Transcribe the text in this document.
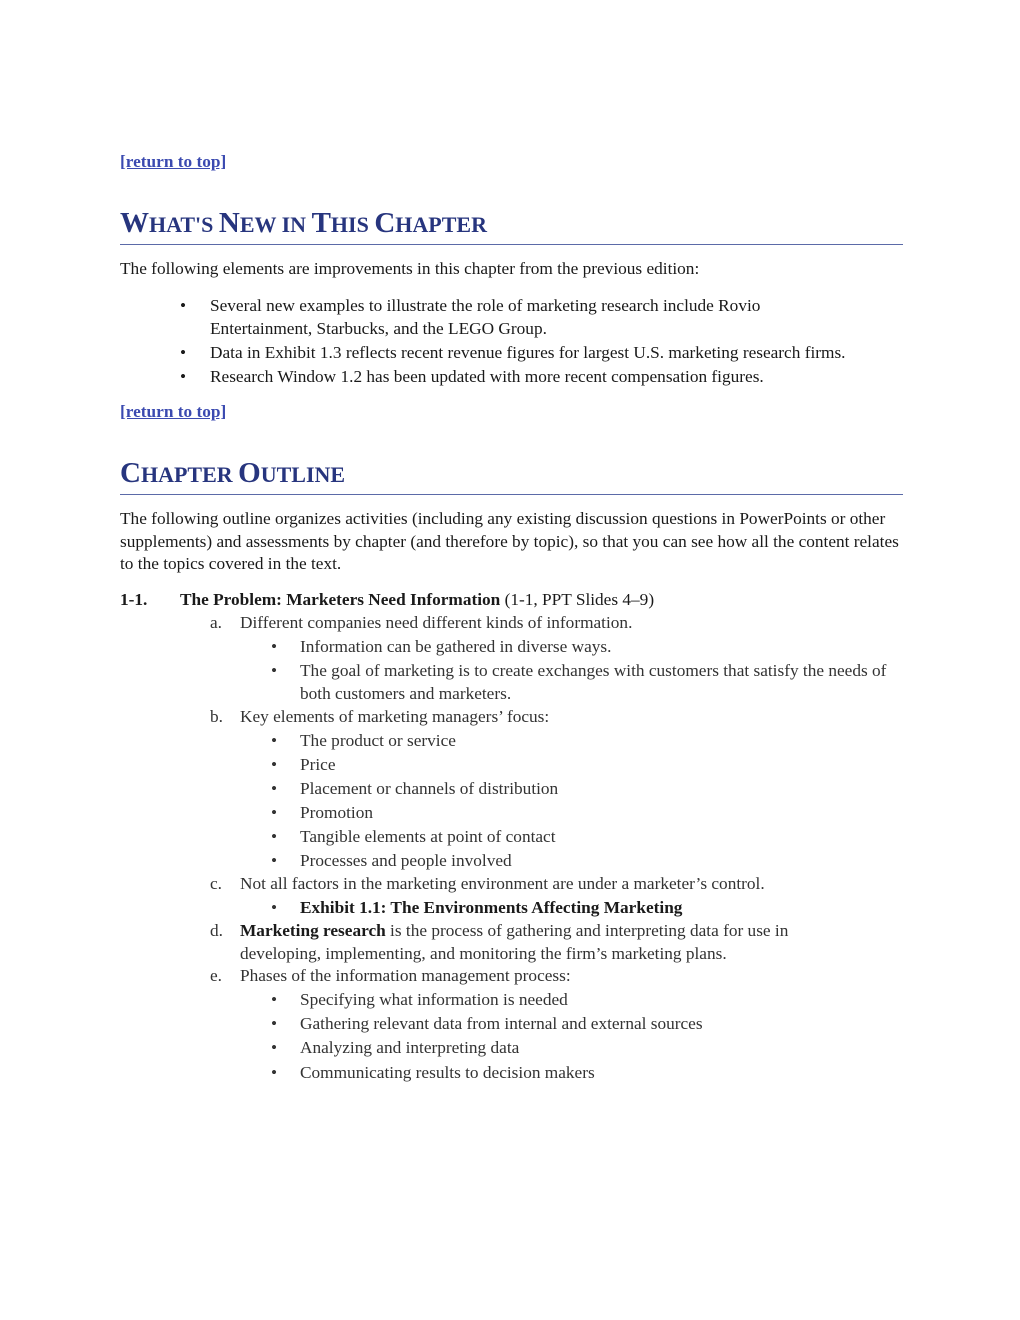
[return to top]
WHAT'S NEW IN THIS CHAPTER
The following elements are improvements in this chapter from the previous edition:
• Several new examples to illustrate the role of marketing research include Rovio Entertainment, Starbucks, and the LEGO Group.
• Data in Exhibit 1.3 reflects recent revenue figures for largest U.S. marketing research firms.
• Research Window 1.2 has been updated with more recent compensation figures.
[return to top]
CHAPTER OUTLINE
The following outline organizes activities (including any existing discussion questions in PowerPoints or other supplements) and assessments by chapter (and therefore by topic), so that you can see how all the content relates to the topics covered in the text.
1-1. The Problem: Marketers Need Information (1-1, PPT Slides 4–9)
a. Different companies need different kinds of information.
• Information can be gathered in diverse ways.
• The goal of marketing is to create exchanges with customers that satisfy the needs of both customers and marketers.
b. Key elements of marketing managers’ focus:
• The product or service
• Price
• Placement or channels of distribution
• Promotion
• Tangible elements at point of contact
• Processes and people involved
c. Not all factors in the marketing environment are under a marketer’s control.
• Exhibit 1.1: The Environments Affecting Marketing
d. Marketing research is the process of gathering and interpreting data for use in developing, implementing, and monitoring the firm’s marketing plans.
e. Phases of the information management process:
• Specifying what information is needed
• Gathering relevant data from internal and external sources
• Analyzing and interpreting data
• Communicating results to decision makers
